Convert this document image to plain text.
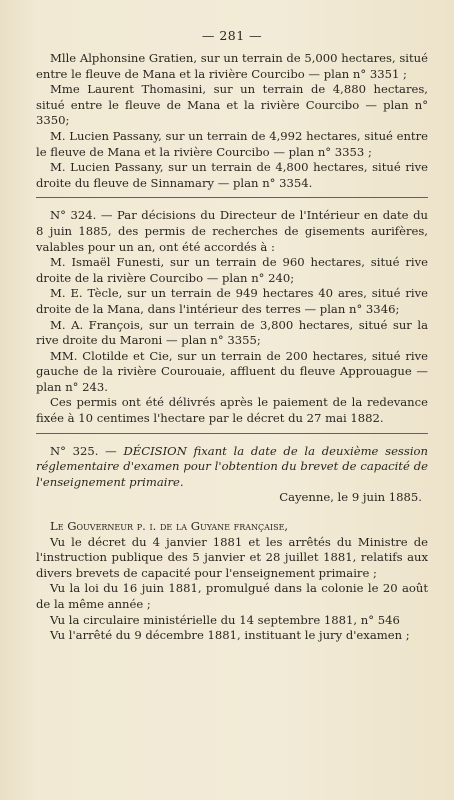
— 281 —

Mlle Alphonsine Gratien, sur un terrain de 5,000 hectares, situé entre le fleuve de Mana et la rivière Courcibo — plan n° 3351 ;

Mme Laurent Thomasini, sur un terrain de 4,880 hectares, situé entre le fleuve de Mana et la rivière Courcibo — plan n° 3350;

M. Lucien Passany, sur un terrain de 4,992 hectares, situé entre le fleuve de Mana et la rivière Courcibo — plan n° 3353 ;

M. Lucien Passany, sur un terrain de 4,800 hectares, situé rive droite du fleuve de Sinnamary — plan n° 3354.

N° 324. — Par décisions du Directeur de l'Intérieur en date du 8 juin 1885, des permis de recherches de gisements aurifères, valables pour un an, ont été accordés à :

M. Ismaël Funesti, sur un terrain de 960 hectares, situé rive droite de la rivière Courcibo — plan n° 240;

M. E. Tècle, sur un terrain de 949 hectares 40 ares, situé rive droite de la Mana, dans l'intérieur des terres — plan n° 3346;

M. A. François, sur un terrain de 3,800 hectares, situé sur la rive droite du Maroni — plan n° 3355;

MM. Clotilde et Cie, sur un terrain de 200 hectares, situé rive gauche de la rivière Courouaie, affluent du fleuve Approuague — plan n° 243.

Ces permis ont été délivrés après le paiement de la redevance fixée à 10 centimes l'hectare par le décret du 27 mai 1882.

N° 325. — DÉCISION fixant la date de la deuxième session réglementaire d'examen pour l'obtention du brevet de capacité de l'enseignement primaire.

Cayenne, le 9 juin 1885.

Le Gouverneur p. i. de la Guyane française,

Vu le décret du 4 janvier 1881 et les arrêtés du Ministre de l'instruction publique des 5 janvier et 28 juillet 1881, relatifs aux divers brevets de capacité pour l'enseignement primaire ;

Vu la loi du 16 juin 1881, promulgué dans la colonie le 20 août de la même année ;

Vu la circulaire ministérielle du 14 septembre 1881, n° 546

Vu l'arrêté du 9 décembre 1881, instituant le jury d'examen ;
